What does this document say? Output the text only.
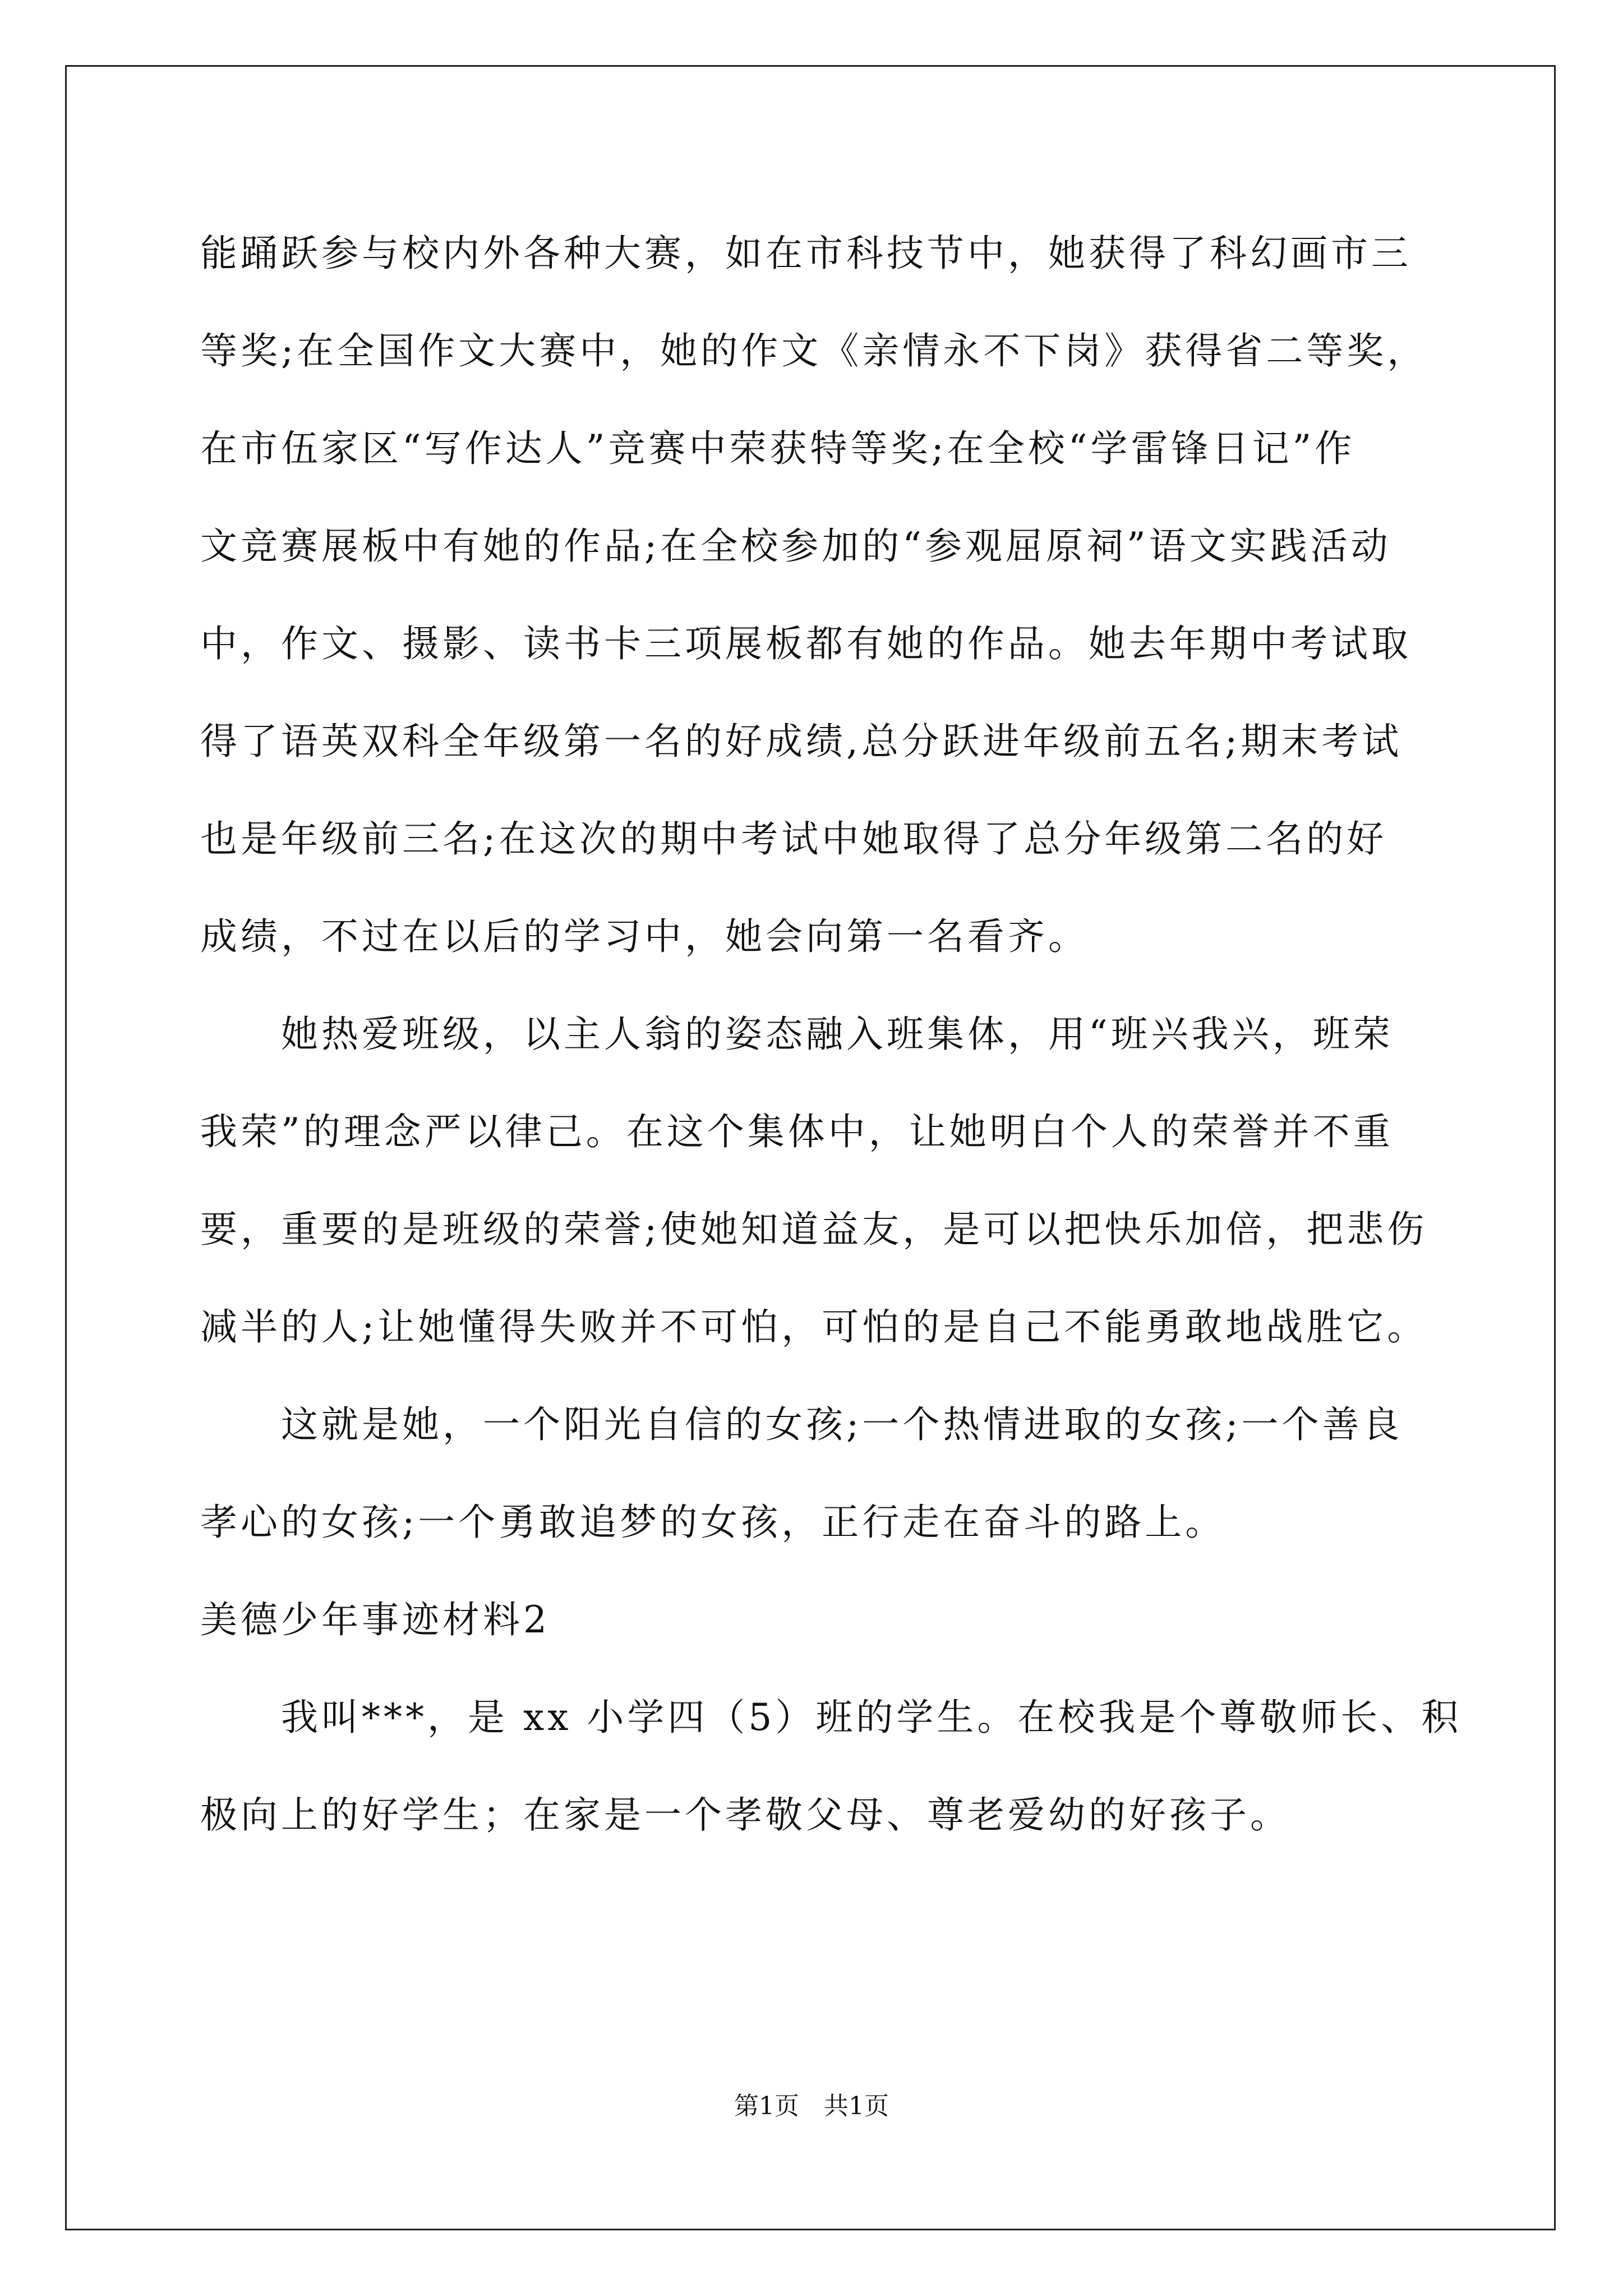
能踊跃参与校内外各种大赛，如在市科技节中，她获得了科幻画市三
等奖;在全国作文大赛中，她的作文《亲情永不下岗》获得省二等奖，
在市伍家区“写作达人”竞赛中荣获特等奖;在全校“学雷锋日记”作
文竞赛展板中有她的作品;在全校参加的“参观屈原祠”语文实践活动
中，作文、摄影、读书卡三项展板都有她的作品。她去年期中考试取
得了语英双科全年级第一名的好成绩,总分跃进年级前五名;期末考试
也是年级前三名;在这次的期中考试中她取得了总分年级第二名的好
成绩，不过在以后的学习中，她会向第一名看齐。
她热爱班级，以主人翁的姿态融入班集体，用“班兴我兴，班荣
我荣”的理念严以律己。在这个集体中，让她明白个人的荣誉并不重
要，重要的是班级的荣誉;使她知道益友，是可以把快乐加倍，把悲伤
减半的人;让她懂得失败并不可怕，可怕的是自己不能勇敢地战胜它。
这就是她，一个阳光自信的女孩;一个热情进取的女孩;一个善良
孝心的女孩;一个勇敢追梦的女孩，正行走在奋斗的路上。
美德少年事迹材料2
我叫***，是 xx 小学四（5）班的学生。在校我是个尊敬师长、积
极向上的好学生；在家是一个孝敬父母、尊老爱幼的好孩子。
第1页　共1页
